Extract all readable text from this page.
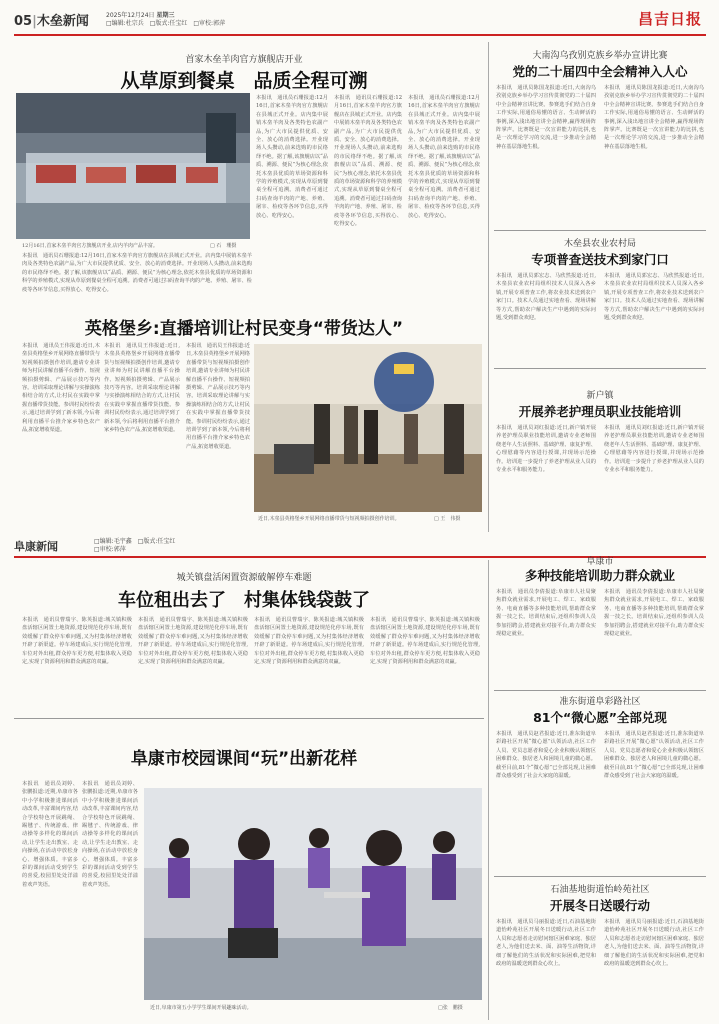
05|木垒新闻	2025年12月24日 星期三
□编辑:杜宗兵　□版式:任宝红　□审校:郭萍	昌吉日报
首家木垒羊肉官方旗舰店开业
从草原到餐桌　品质全程可溯
12月16日,首家木垒羊肉官方旗舰店开业,店内羊肉产品丰富。	□ 石　珊摄
本报讯　通讯员石珊报道:12月16日,首家木垒羊肉官方旗舰店在县城正式开业。店内集中展销木垒羊肉及各类特色农副产品,为广大市民提供优质、安全、放心的消费选择。开业现场人头攒动,前来选购的市民络绎不绝。据了解,该旗舰店以“品质、溯源、便民”为核心理念,依托木垒县优质的草场资源和科学的养殖模式,实现从草原到餐桌全程可追溯。消费者可通过扫码查询羊肉的产地、养殖、屠宰、检疫等各环节信息,买得放心、吃得安心。
本报讯　通讯员石珊报道:12月16日,首家木垒羊肉官方旗舰店在县城正式开业。店内集中展销木垒羊肉及各类特色农副产品,为广大市民提供优质、安全、放心的消费选择。开业现场人头攒动,前来选购的市民络绎不绝。据了解,该旗舰店以“品质、溯源、便民”为核心理念,依托木垒县优质的草场资源和科学的养殖模式,实现从草原到餐桌全程可追溯。消费者可通过扫码查询羊肉的产地、养殖、屠宰、检疫等各环节信息,买得放心、吃得安心。
本报讯　通讯员石珊报道:12月16日,首家木垒羊肉官方旗舰店在县城正式开业。店内集中展销木垒羊肉及各类特色农副产品,为广大市民提供优质、安全、放心的消费选择。开业现场人头攒动,前来选购的市民络绎不绝。据了解,该旗舰店以“品质、溯源、便民”为核心理念,依托木垒县优质的草场资源和科学的养殖模式,实现从草原到餐桌全程可追溯。消费者可通过扫码查询羊肉的产地、养殖、屠宰、检疫等各环节信息,买得放心、吃得安心。
本报讯　通讯员石珊报道:12月16日,首家木垒羊肉官方旗舰店在县城正式开业。店内集中展销木垒羊肉及各类特色农副产品,为广大市民提供优质、安全、放心的消费选择。开业现场人头攒动,前来选购的市民络绎不绝。据了解,该旗舰店以“品质、溯源、便民”为核心理念,依托木垒县优质的草场资源和科学的养殖模式,实现从草原到餐桌全程可追溯。消费者可通过扫码查询羊肉的产地、养殖、屠宰、检疫等各环节信息,买得放心、吃得安心。
大南沟乌孜别克族乡举办宣讲比赛
党的二十届四中全会精神入人心
本报讯　通讯员陈国龙报道:近日,大南沟乌孜别克族乡举办学习宣传贯彻党的二十届四中全会精神宣讲比赛。参赛选手们结合自身工作实际,用通俗易懂的语言、生动鲜活的事例,深入浅出地宣讲全会精神,赢得现场阵阵掌声。比赛既是一次宣讲能力的比拼,也是一次理论学习的交流,进一步推动全会精神在基层落地生根。
本报讯　通讯员陈国龙报道:近日,大南沟乌孜别克族乡举办学习宣传贯彻党的二十届四中全会精神宣讲比赛。参赛选手们结合自身工作实际,用通俗易懂的语言、生动鲜活的事例,深入浅出地宣讲全会精神,赢得现场阵阵掌声。比赛既是一次宣讲能力的比拼,也是一次理论学习的交流,进一步推动全会精神在基层落地生根。
木垒县农业农村局
专项普查送技术到家门口
本报讯　通讯员郭宏志、马欣然报道:近日,木垒县农业农村局组织技术人员深入各乡镇,开展专项普查工作,将农业技术送到农户家门口。技术人员通过实地查看、现场讲解等方式,帮助农户解决生产中遇到的实际问题,受到群众欢迎。
本报讯　通讯员郭宏志、马欣然报道:近日,木垒县农业农村局组织技术人员深入各乡镇,开展专项普查工作,将农业技术送到农户家门口。技术人员通过实地查看、现场讲解等方式,帮助农户解决生产中遇到的实际问题,受到群众欢迎。
英格堡乡:直播培训让村民变身“带货达人”
本报讯　通讯员王伟报道:近日,木垒县英格堡乡开展网络直播带货与短视频拍摄创作培训,邀请专业讲师为村民讲解直播平台操作、短视频拍摄剪辑、产品展示技巧等内容。培训采取理论讲解与实操演练相结合的方式,让村民在实践中掌握直播带货技能。参训村民纷纷表示,通过培训学到了新本领,今后将利用直播平台推介家乡特色农产品,拓宽增收渠道。
本报讯　通讯员王伟报道:近日,木垒县英格堡乡开展网络直播带货与短视频拍摄创作培训,邀请专业讲师为村民讲解直播平台操作、短视频拍摄剪辑、产品展示技巧等内容。培训采取理论讲解与实操演练相结合的方式,让村民在实践中掌握直播带货技能。参训村民纷纷表示,通过培训学到了新本领,今后将利用直播平台推介家乡特色农产品,拓宽增收渠道。
本报讯　通讯员王伟报道:近日,木垒县英格堡乡开展网络直播带货与短视频拍摄创作培训,邀请专业讲师为村民讲解直播平台操作、短视频拍摄剪辑、产品展示技巧等内容。培训采取理论讲解与实操演练相结合的方式,让村民在实践中掌握直播带货技能。参训村民纷纷表示,通过培训学到了新本领,今后将利用直播平台推介家乡特色农产品,拓宽增收渠道。
近日,木垒县英格堡乡开展网络直播带货与短视频拍摄创作培训。	□ 王　伟摄
新户镇
开展养老护理员职业技能培训
本报讯　通讯员刘红报道:近日,新户镇开展养老护理员职业技能培训,邀请专业老师围绕老年人生活照料、基础护理、康复护理、心理慰藉等内容进行授课,并现场示范操作。培训进一步提升了养老护理从业人员的专业水平和服务能力。
本报讯　通讯员刘红报道:近日,新户镇开展养老护理员职业技能培训,邀请专业老师围绕老年人生活照料、基础护理、康复护理、心理慰藉等内容进行授课,并现场示范操作。培训进一步提升了养老护理从业人员的专业水平和服务能力。
阜康新闻	□编辑:毛宇鑫　□版式:任宝红
□审校:郭萍
城关镇盘活闲置资源破解停车难题
车位租出去了　村集体钱袋鼓了
本报讯　通讯员曹瑞宇、陈英报道:城关镇积极盘活辖区闲置土地资源,建设规范化停车场,既有效缓解了群众停车难问题,又为村集体经济增收开辟了新渠道。停车场建成后,实行规范化管理,车位对外出租,群众停车更方便,村集体收入更稳定,实现了资源利用和群众满意的双赢。
本报讯　通讯员曹瑞宇、陈英报道:城关镇积极盘活辖区闲置土地资源,建设规范化停车场,既有效缓解了群众停车难问题,又为村集体经济增收开辟了新渠道。停车场建成后,实行规范化管理,车位对外出租,群众停车更方便,村集体收入更稳定,实现了资源利用和群众满意的双赢。
本报讯　通讯员曹瑞宇、陈英报道:城关镇积极盘活辖区闲置土地资源,建设规范化停车场,既有效缓解了群众停车难问题,又为村集体经济增收开辟了新渠道。停车场建成后,实行规范化管理,车位对外出租,群众停车更方便,村集体收入更稳定,实现了资源利用和群众满意的双赢。
本报讯　通讯员曹瑞宇、陈英报道:城关镇积极盘活辖区闲置土地资源,建设规范化停车场,既有效缓解了群众停车难问题,又为村集体经济增收开辟了新渠道。停车场建成后,实行规范化管理,车位对外出租,群众停车更方便,村集体收入更稳定,实现了资源利用和群众满意的双赢。
阜康市
多种技能培训助力群众就业
本报讯　通讯员李倩报道:阜康市人社局聚焦群众就业需求,开展电工、焊工、家政服务、电商直播等多种技能培训,帮助群众掌握一技之长。培训结束后,还组织参训人员参加招聘会,搭建就业对接平台,助力群众实现稳定就业。
本报讯　通讯员李倩报道:阜康市人社局聚焦群众就业需求,开展电工、焊工、家政服务、电商直播等多种技能培训,帮助群众掌握一技之长。培训结束后,还组织参训人员参加招聘会,搭建就业对接平台,助力群众实现稳定就业。
准东街道阜彩路社区
81个“微心愿”全部兑现
本报讯　通讯员赵君报道:近日,准东街道阜彩路社区开展“微心愿”认领活动,社区工作人员、党员志愿者和爱心企业积极认领辖区困难群众、独居老人和困境儿童的微心愿。截至目前,81个“微心愿”已全部兑现,让困难群众感受到了社会大家庭的温暖。
本报讯　通讯员赵君报道:近日,准东街道阜彩路社区开展“微心愿”认领活动,社区工作人员、党员志愿者和爱心企业积极认领辖区困难群众、独居老人和困境儿童的微心愿。截至目前,81个“微心愿”已全部兑现,让困难群众感受到了社会大家庭的温暖。
阜康市校园课间“玩”出新花样
本报讯　通讯员刘婷、张鹏报道:近期,阜康市各中小学积极推进课间活动改革,丰富课间内容,结合学校特色开展跳绳、踢毽子、传统游戏、律动操等多样化的课间活动,让学生走出教室、走向操场,在活动中放松身心、增强体质。丰富多彩的课间活动受到学生的喜爱,校园里处处洋溢着欢声笑语。
本报讯　通讯员刘婷、张鹏报道:近期,阜康市各中小学积极推进课间活动改革,丰富课间内容,结合学校特色开展跳绳、踢毽子、传统游戏、律动操等多样化的课间活动,让学生走出教室、走向操场,在活动中放松身心、增强体质。丰富多彩的课间活动受到学生的喜爱,校园里处处洋溢着欢声笑语。
近日,阜康市第五小学学生课间开展趣味活动。	□张　鹏摄
石油基地街道怡岭苑社区
开展冬日送暖行动
本报讯　通讯员马丽报道:近日,石油基地街道怡岭苑社区开展冬日送暖行动,社区工作人员和志愿者走访慰问辖区困难家庭、独居老人,为他们送去米、面、油等生活物资,详细了解他们的生活状况和实际困难,把党和政府的温暖送到群众心坎上。
本报讯　通讯员马丽报道:近日,石油基地街道怡岭苑社区开展冬日送暖行动,社区工作人员和志愿者走访慰问辖区困难家庭、独居老人,为他们送去米、面、油等生活物资,详细了解他们的生活状况和实际困难,把党和政府的温暖送到群众心坎上。
